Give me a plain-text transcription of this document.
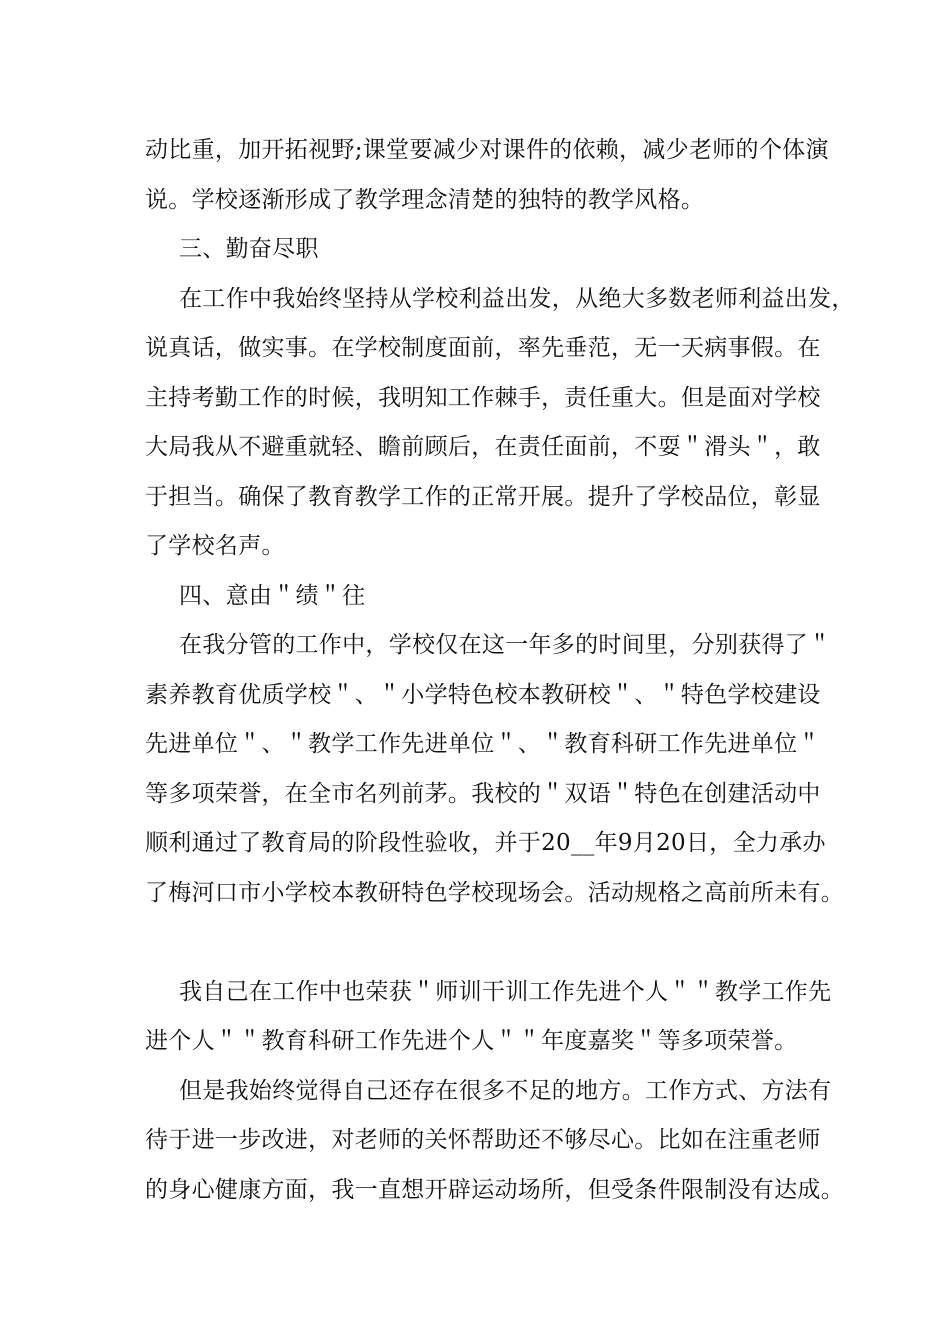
动比重，加开拓视野;课堂要减少对课件的依赖，减少老师的个体演
说。学校逐渐形成了教学理念清楚的独特的教学风格。
三、勤奋尽职
在工作中我始终坚持从学校利益出发，从绝大多数老师利益出发，
说真话，做实事。在学校制度面前，率先垂范，无一天病事假。在
主持考勤工作的时候，我明知工作棘手，责任重大。但是面对学校
大局我从不避重就轻、瞻前顾后，在责任面前，不耍＂滑头＂，敢
于担当。确保了教育教学工作的正常开展。提升了学校品位，彰显
了学校名声。
四、意由＂绩＂往
在我分管的工作中，学校仅在这一年多的时间里，分别获得了＂
素养教育优质学校＂、＂小学特色校本教研校＂、＂特色学校建设
先进单位＂、＂教学工作先进单位＂、＂教育科研工作先进单位＂
等多项荣誉，在全市名列前茅。我校的＂双语＂特色在创建活动中
顺利通过了教育局的阶段性验收，并于20__年9月20日，全力承办
了梅河口市小学校本教研特色学校现场会。活动规格之高前所未有。
我自己在工作中也荣获＂师训干训工作先进个人＂＂教学工作先
进个人＂＂教育科研工作先进个人＂＂年度嘉奖＂等多项荣誉。
但是我始终觉得自己还存在很多不足的地方。工作方式、方法有
待于进一步改进，对老师的关怀帮助还不够尽心。比如在注重老师
的身心健康方面，我一直想开辟运动场所，但受条件限制没有达成。
